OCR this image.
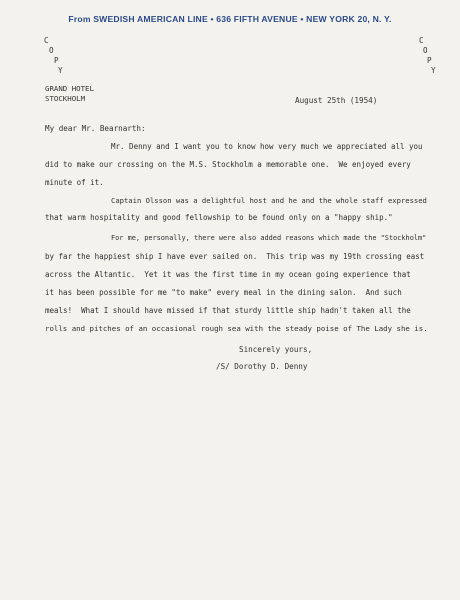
From SWEDISH AMERICAN LINE • 636 FIFTH AVENUE • NEW YORK 20, N. Y.
C
O
P
Y
C
O
P
Y
GRAND HOTEL
STOCKHOLM	August 25th (1954)
My dear Mr. Bearnarth:
Mr. Denny and I want you to know how very much we appreciated all you
did to make our crossing on the M.S. Stockholm a memorable one.  We enjoyed every
minute of it.
Captain Olsson was a delightful host and he and the whole staff expressed
that warm hospitality and good fellowship to be found only on a "happy ship."
For me, personally, there were also added reasons which made the "Stockholm"
by far the happiest ship I have ever sailed on.  This trip was my 19th crossing east
across the Altantic.  Yet it was the first time in my ocean going experience that
it has been possible for me "to make" every meal in the dining salon.  And such
meals!  What I should have missed if that sturdy little ship hadn't taken all the
rolls and pitches of an occasional rough sea with the steady poise of The Lady she is.
Sincerely yours,
/S/ Dorothy D. Denny
